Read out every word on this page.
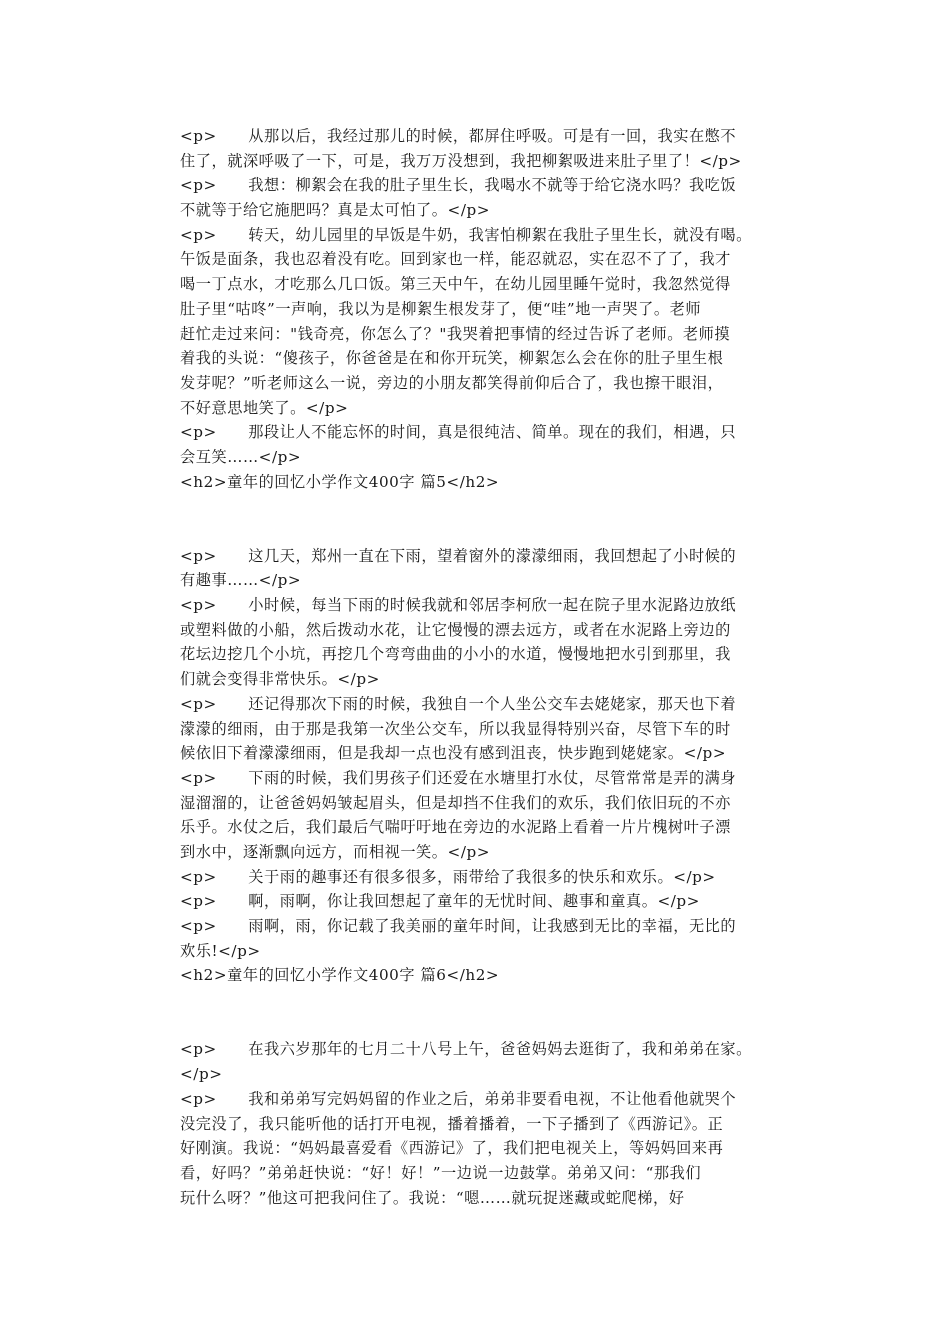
<p>　　从那以后，我经过那儿的时候，都屏住呼吸。可是有一回，我实在憋不
住了，就深呼吸了一下，可是，我万万没想到，我把柳絮吸进来肚子里了！</p>
<p>　　我想：柳絮会在我的肚子里生长，我喝水不就等于给它浇水吗？我吃饭
不就等于给它施肥吗？真是太可怕了。</p>
<p>　　转天，幼儿园里的早饭是牛奶，我害怕柳絮在我肚子里生长，就没有喝。
午饭是面条，我也忍着没有吃。回到家也一样，能忍就忍，实在忍不了了，我才
喝一丁点水，才吃那么几口饭。第三天中午，在幼儿园里睡午觉时，我忽然觉得
肚子里“咕咚”一声响，我以为是柳絮生根发芽了，便“哇”地一声哭了。老师
赶忙走过来问："钱奇亮，你怎么了？"我哭着把事情的经过告诉了老师。老师摸
着我的头说：“傻孩子，你爸爸是在和你开玩笑，柳絮怎么会在你的肚子里生根
发芽呢？”听老师这么一说，旁边的小朋友都笑得前仰后合了，我也擦干眼泪，
不好意思地笑了。</p>
<p>　　那段让人不能忘怀的时间，真是很纯洁、简单。现在的我们，相遇，只
会互笑……</p>
<h2>童年的回忆小学作文400字 篇5</h2>
<p>　　这几天，郑州一直在下雨，望着窗外的濛濛细雨，我回想起了小时候的
有趣事……</p>
<p>　　小时候，每当下雨的时候我就和邻居李柯欣一起在院子里水泥路边放纸
或塑料做的小船，然后拨动水花，让它慢慢的漂去远方，或者在水泥路上旁边的
花坛边挖几个小坑，再挖几个弯弯曲曲的小小的水道，慢慢地把水引到那里，我
们就会变得非常快乐。</p>
<p>　　还记得那次下雨的时候，我独自一个人坐公交车去姥姥家，那天也下着
濛濛的细雨，由于那是我第一次坐公交车，所以我显得特别兴奋，尽管下车的时
候依旧下着濛濛细雨，但是我却一点也没有感到沮丧，快步跑到姥姥家。</p>
<p>　　下雨的时候，我们男孩子们还爱在水塘里打水仗，尽管常常是弄的满身
湿溜溜的，让爸爸妈妈皱起眉头，但是却挡不住我们的欢乐，我们依旧玩的不亦
乐乎。水仗之后，我们最后气喘吁吁地在旁边的水泥路上看着一片片槐树叶子漂
到水中，逐渐飘向远方，而相视一笑。</p>
<p>　　关于雨的趣事还有很多很多，雨带给了我很多的快乐和欢乐。</p>
<p>　　啊，雨啊，你让我回想起了童年的无忧时间、趣事和童真。</p>
<p>　　雨啊，雨，你记载了我美丽的童年时间，让我感到无比的幸福，无比的
欢乐!</p>
<h2>童年的回忆小学作文400字 篇6</h2>
<p>　　在我六岁那年的七月二十八号上午，爸爸妈妈去逛街了，我和弟弟在家。
</p>
<p>　　我和弟弟写完妈妈留的作业之后，弟弟非要看电视，不让他看他就哭个
没完没了，我只能听他的话打开电视，播着播着，一下子播到了《西游记》。正
好刚演。我说：“妈妈最喜爱看《西游记》了，我们把电视关上，等妈妈回来再
看，好吗？”弟弟赶快说：“好！好！”一边说一边鼓掌。弟弟又问：“那我们
玩什么呀？”他这可把我问住了。我说：“嗯……就玩捉迷藏或蛇爬梯，好
